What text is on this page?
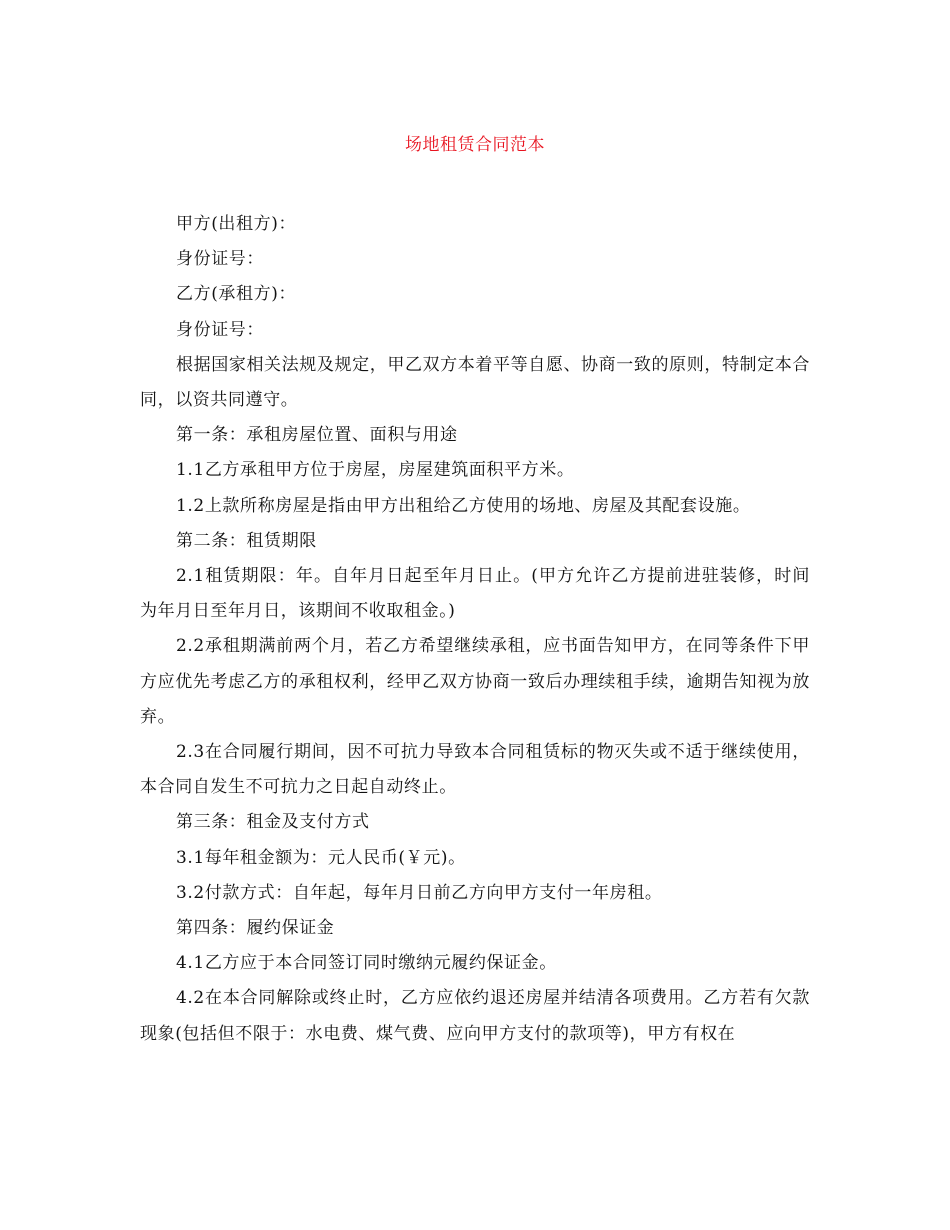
场地租赁合同范本

甲方(出租方)：

身份证号：

乙方(承租方)：

身份证号：

根据国家相关法规及规定，甲乙双方本着平等自愿、协商一致的原则，特制定本合同，以资共同遵守。

第一条：承租房屋位置、面积与用途

1.1乙方承租甲方位于房屋，房屋建筑面积平方米。

1.2上款所称房屋是指由甲方出租给乙方使用的场地、房屋及其配套设施。

第二条：租赁期限

2.1租赁期限：年。自年月日起至年月日止。(甲方允许乙方提前进驻装修，时间为年月日至年月日，该期间不收取租金。)

2.2承租期满前两个月，若乙方希望继续承租，应书面告知甲方，在同等条件下甲方应优先考虑乙方的承租权利，经甲乙双方协商一致后办理续租手续，逾期告知视为放弃。

2.3在合同履行期间，因不可抗力导致本合同租赁标的物灭失或不适于继续使用，本合同自发生不可抗力之日起自动终止。

第三条：租金及支付方式

3.1每年租金额为：元人民币(￥元)。

3.2付款方式：自年起，每年月日前乙方向甲方支付一年房租。

第四条：履约保证金

4.1乙方应于本合同签订同时缴纳元履约保证金。

4.2在本合同解除或终止时，乙方应依约退还房屋并结清各项费用。乙方若有欠款现象(包括但不限于：水电费、煤气费、应向甲方支付的款项等)，甲方有权在
